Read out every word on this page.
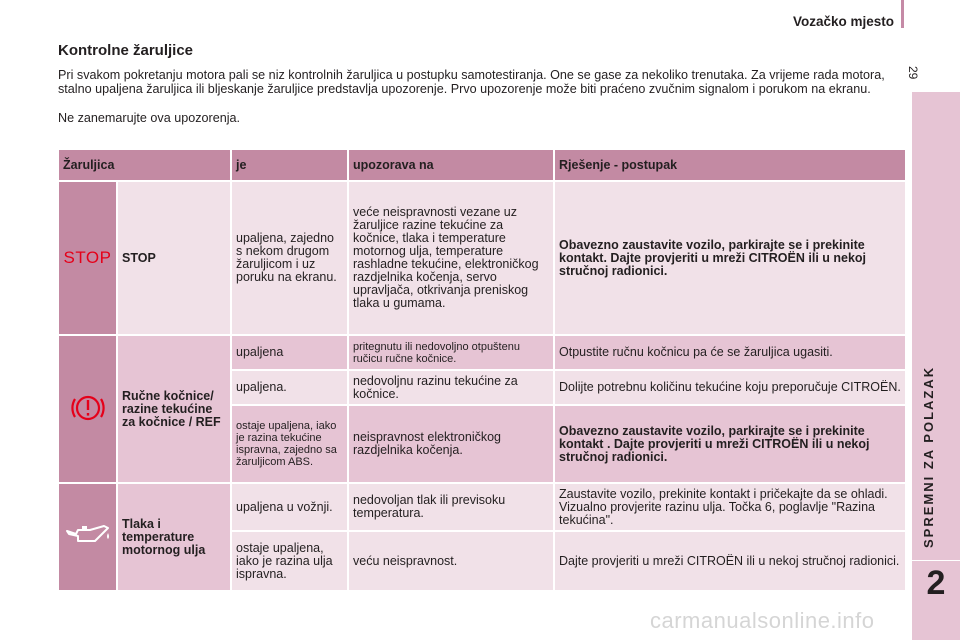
Vozačko mjesto
29
SPREMNI ZA POLAZAK
2
Kontrolne žaruljice
Pri svakom pokretanju motora pali se niz kontrolnih žaruljica u postupku samotestiranja. One se gase za nekoliko trenutaka. Za vrijeme rada motora, stalno upaljena žaruljica ili bljeskanje žaruljice predstavlja upozorenje. Prvo upozorenje može biti praćeno zvučnim signalom i porukom na ekranu.
Ne zanemarujte ova upozorenja.
Žaruljica		je	upozorava na	Rješenje - postupak
STOP	STOP	upaljena, zajedno s nekom drugom žaruljicom i uz poruku na ekranu.	veće neispravnosti vezane uz žaruljice razine tekućine za kočnice, tlaka i temperature motornog ulja, temperature rashladne tekućine, elektroničkog razdjelnika kočenja, servo upravljača, otkrivanja preniskog tlaka u gumama.	Obavezno zaustavite vozilo, parkirajte se i prekinite kontakt. Dajte provjeriti u mreži CITROËN ili u nekoj stručnoj radionici.
	Ručne kočnice/ razine tekućine za kočnice / REF	upaljena	pritegnutu ili nedovoljno otpuštenu ručicu ručne kočnice.	Otpustite ručnu kočnicu pa će se žaruljica ugasiti.
		upaljena.	nedovoljnu razinu tekućine za kočnice.	Dolijte potrebnu količinu tekućine koju preporučuje CITROËN.
		ostaje upaljena, iako je razina tekućine ispravna, zajedno sa žaruljicom ABS.	neispravnost elektroničkog razdjelnika kočenja.	Obavezno zaustavite vozilo, parkirajte se i prekinite kontakt . Dajte provjeriti u mreži CITROËN ili u nekoj stručnoj radionici.
	Tlaka i temperature motornog ulja	upaljena u vožnji.	nedovoljan tlak ili previsoku temperatura.	Zaustavite vozilo, prekinite kontakt i pričekajte da se ohladi. Vizualno provjerite razinu ulja. Točka 6, poglavlje "Razina tekućina".
		ostaje upaljena, iako je razina ulja ispravna.	veću neispravnost.	Dajte provjeriti u mreži CITROËN ili u nekoj stručnoj radionici.
carmanualsonline.info
